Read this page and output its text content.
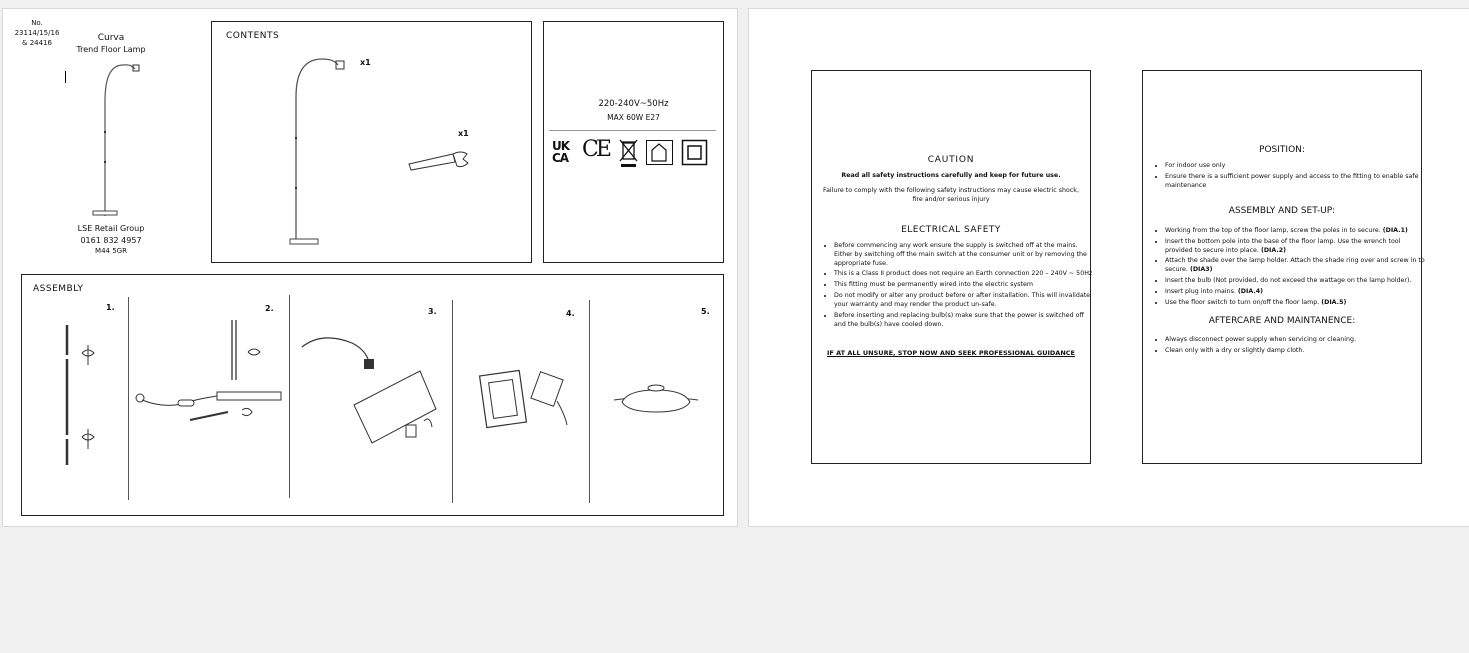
No.
23114/15/16
& 24416	Curva
Trend Floor Lamp
LSE Retail Group
0161 832 4957
M44 5GR
CONTENTS
x1
x1
220-240V~50Hz
MAX 60W E27
UK
CA CE
ASSEMBLY
1.	2.	3.	4.	5.
CAUTION
Read all safety instructions carefully and keep for future use.
Failure to comply with the following safety instructions may cause electric shock,
fire and/or serious injury
ELECTRICAL SAFETY
• Before commencing any work ensure the supply is switched off at the mains. Either by switching off the main switch at the consumer unit or by removing the appropriate fuse.
• This is a Class II product does not require an Earth connection 220 – 240V ~ 50Hz
• This fitting must be permanently wired into the electric system
• Do not modify or alter any product before or after installation. This will invalidate your warranty and may render the product un-safe.
• Before inserting and replacing bulb(s) make sure that the power is switched off and the bulb(s) have cooled down.
IF AT ALL UNSURE, STOP NOW AND SEEK PROFESSIONAL GUIDANCE
POSITION:
• For indoor use only
• Ensure there is a sufficient power supply and access to the fitting to enable safe maintenance
ASSEMBLY AND SET-UP:
• Working from the top of the floor lamp, screw the poles in to secure. (DIA.1)
• Insert the bottom pole into the base of the floor lamp. Use the wrench tool provided to secure into place. (DIA.2)
• Attach the shade over the lamp holder. Attach the shade ring over and screw in to secure. (DIA3)
• Insert the bulb (Not provided, do not exceed the wattage on the lamp holder).
• Insert plug into mains. (DIA.4)
• Use the floor switch to turn on/off the floor lamp. (DIA.5)
AFTERCARE AND MAINTANENCE:
• Always disconnect power supply when servicing or cleaning.
• Clean only with a dry or slightly damp cloth.
